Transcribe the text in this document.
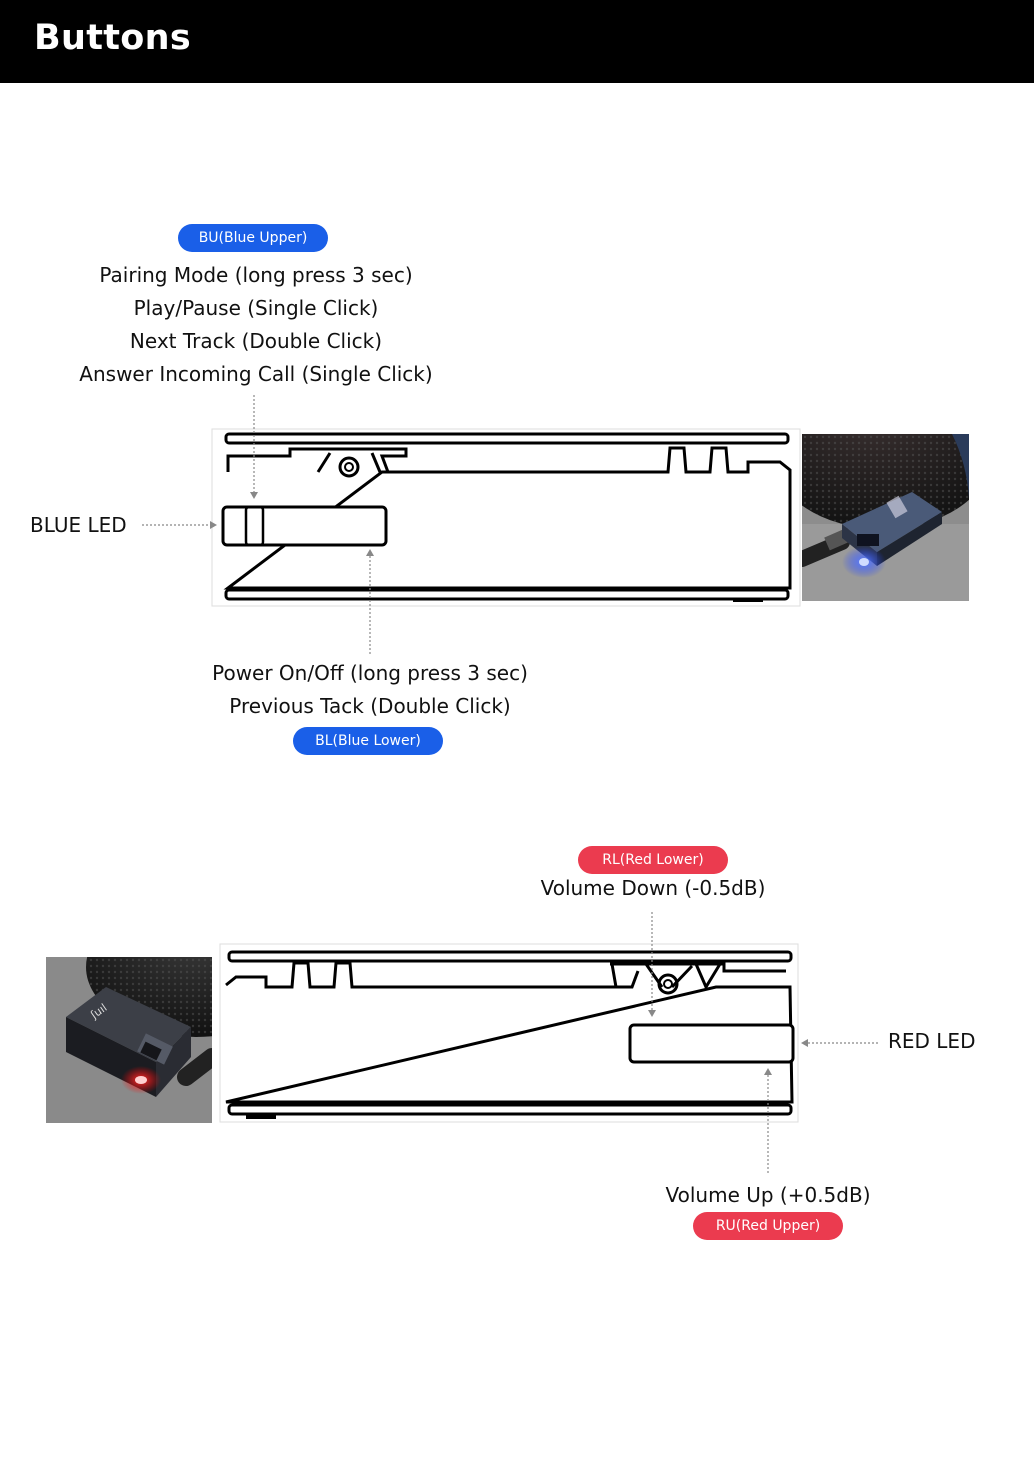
Buttons
BU(Blue Upper)
Pairing Mode (long press 3 sec)
Play/Pause (Single Click)
Next Track (Double Click)
Answer Incoming Call (Single Click)
BLUE LED
Power On/Off (long press 3 sec)
Previous Tack (Double Click)
BL(Blue Lower)
RL(Red Lower)
Volume Down (-0.5dB)
ʃuıl
RED LED
Volume Up (+0.5dB)
RU(Red Upper)
